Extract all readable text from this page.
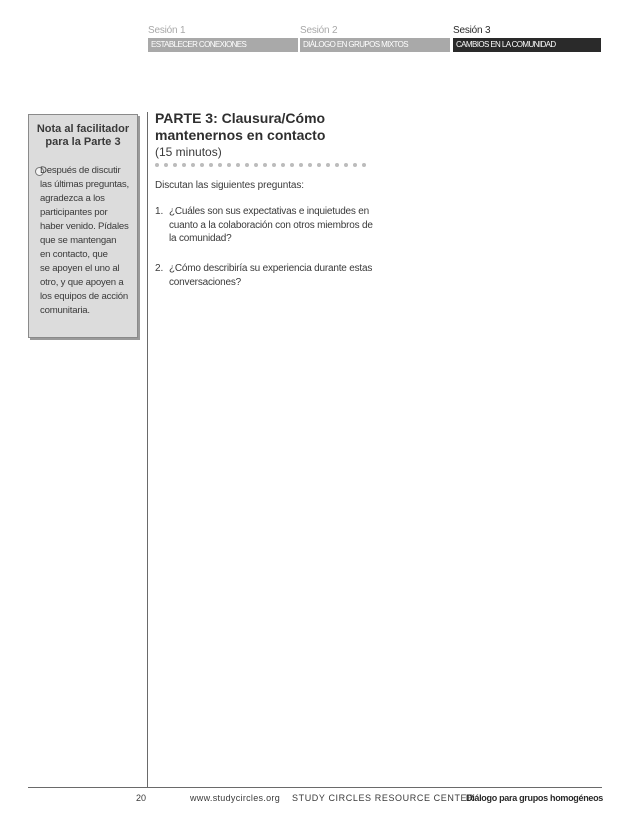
Sesión 1
ESTABLECER CONEXIONES
Sesión 2
DIÁLOGO EN GRUPOS MIXTOS
Sesión 3
CAMBIOS EN LA COMUNIDAD
Nota al facilitador
para la Parte 3
Después de discutir
las últimas preguntas,
agradezca a los
participantes por
haber venido. Pídales
que se mantengan
en contacto, que
se apoyen el uno al
otro, y que apoyen a
los equipos de acción
comunitaria.
PARTE 3: Clausura/Cómo
mantenernos en contacto
(15 minutos)
Discutan las siguientes preguntas:
1. ¿Cuáles son sus expectativas e inquietudes en
cuanto a la colaboración con otros miembros de
la comunidad?
2. ¿Cómo describiría su experiencia durante estas
conversaciones?
20	www.studycircles.org STUDY CIRCLES RESOURCE CENTER
Diálogo para grupos homogéneos
